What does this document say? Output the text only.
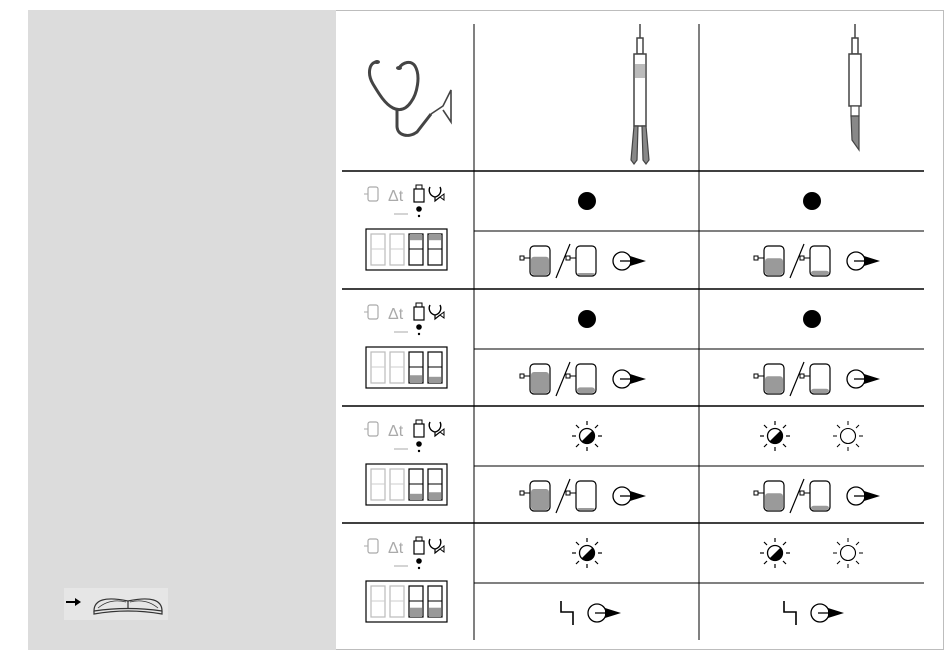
Δt
Δt
Δt
Δt
